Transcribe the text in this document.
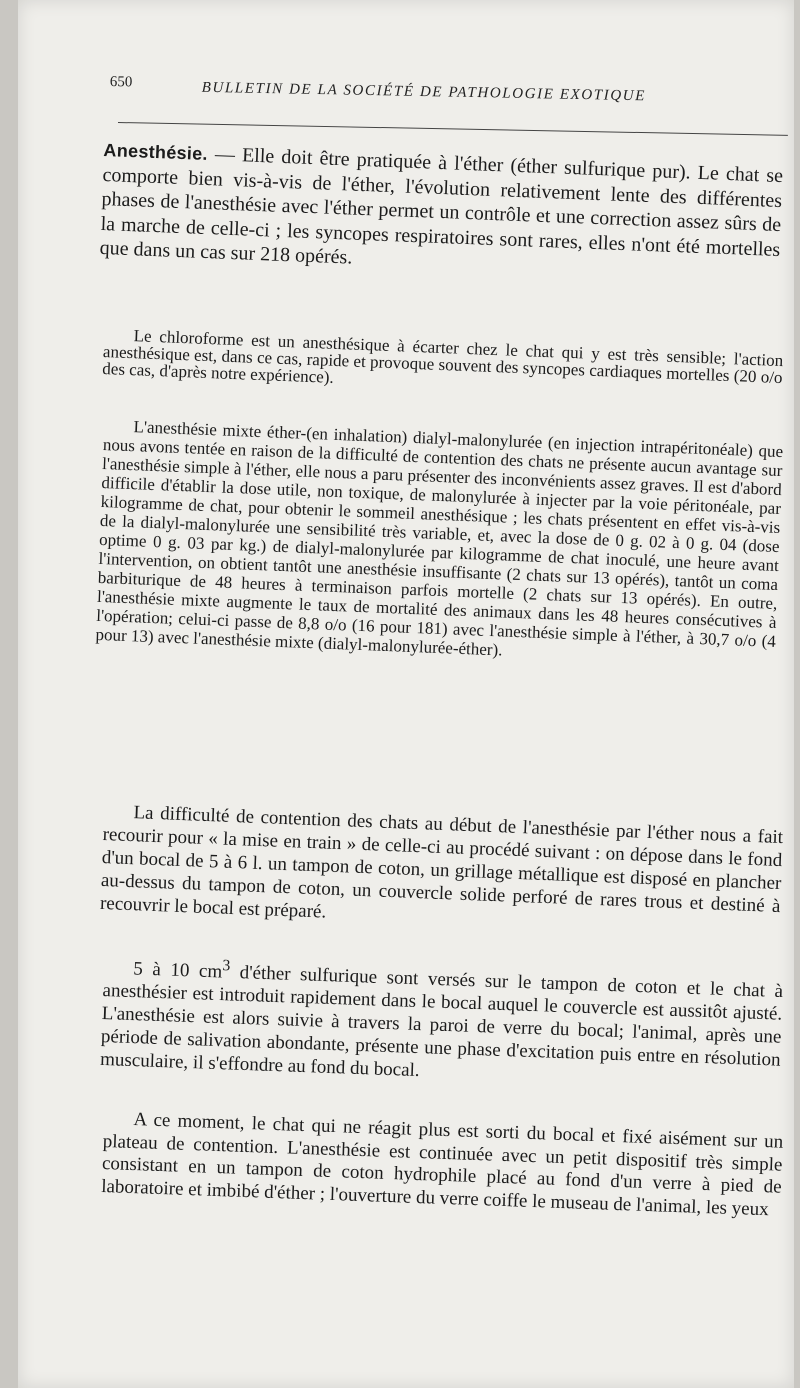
650	BULLETIN DE LA SOCIÉTÉ DE PATHOLOGIE EXOTIQUE

Anesthésie. — Elle doit être pratiquée à l'éther (éther sulfurique pur). Le chat se comporte bien vis-à-vis de l'éther, l'évolution relativement lente des différentes phases de l'anesthésie avec l'éther permet un contrôle et une correction assez sûrs de la marche de celle-ci ; les syncopes respiratoires sont rares, elles n'ont été mortelles que dans un cas sur 218 opérés.

Le chloroforme est un anesthésique à écarter chez le chat qui y est très sensible; l'action anesthésique est, dans ce cas, rapide et provoque souvent des syncopes cardiaques mortelles (20 o/o des cas, d'après notre expérience).

L'anesthésie mixte éther-(en inhalation) dialyl-malonylurée (en injection intrapéritonéale) que nous avons tentée en raison de la difficulté de contention des chats ne présente aucun avantage sur l'anesthésie simple à l'éther, elle nous a paru présenter des inconvénients assez graves. Il est d'abord difficile d'établir la dose utile, non toxique, de malonylurée à injecter par la voie péritonéale, par kilogramme de chat, pour obtenir le sommeil anesthésique ; les chats présentent en effet vis-à-vis de la dialyl-malonylurée une sensibilité très variable, et, avec la dose de 0 g. 02 à 0 g. 04 (dose optime 0 g. 03 par kg.) de dialyl-malonylurée par kilogramme de chat inoculé, une heure avant l'intervention, on obtient tantôt une anesthésie insuffisante (2 chats sur 13 opérés), tantôt un coma barbiturique de 48 heures à terminaison parfois mortelle (2 chats sur 13 opérés). En outre, l'anesthésie mixte augmente le taux de mortalité des animaux dans les 48 heures consécutives à l'opération; celui-ci passe de 8,8 o/o (16 pour 181) avec l'anesthésie simple à l'éther, à 30,7 o/o (4 pour 13) avec l'anesthésie mixte (dialyl-malonylurée-éther).

La difficulté de contention des chats au début de l'anesthésie par l'éther nous a fait recourir pour « la mise en train » de celle-ci au procédé suivant : on dépose dans le fond d'un bocal de 5 à 6 l. un tampon de coton, un grillage métallique est disposé en plancher au-dessus du tampon de coton, un couvercle solide perforé de rares trous et destiné à recouvrir le bocal est préparé.

5 à 10 $cm^3$ d'éther sulfurique sont versés sur le tampon de coton et le chat à anesthésier est introduit rapidement dans le bocal auquel le couvercle est aussitôt ajusté. L'anesthésie est alors suivie à travers la paroi de verre du bocal; l'animal, après une période de salivation abondante, présente une phase d'excitation puis entre en résolution musculaire, il s'effondre au fond du bocal.

A ce moment, le chat qui ne réagit plus est sorti du bocal et fixé aisément sur un plateau de contention. L'anesthésie est continuée avec un petit dispositif très simple consistant en un tampon de coton hydrophile placé au fond d'un verre à pied de laboratoire et imbibé d'éther ; l'ouverture du verre coiffe le museau de l'animal, les yeux
